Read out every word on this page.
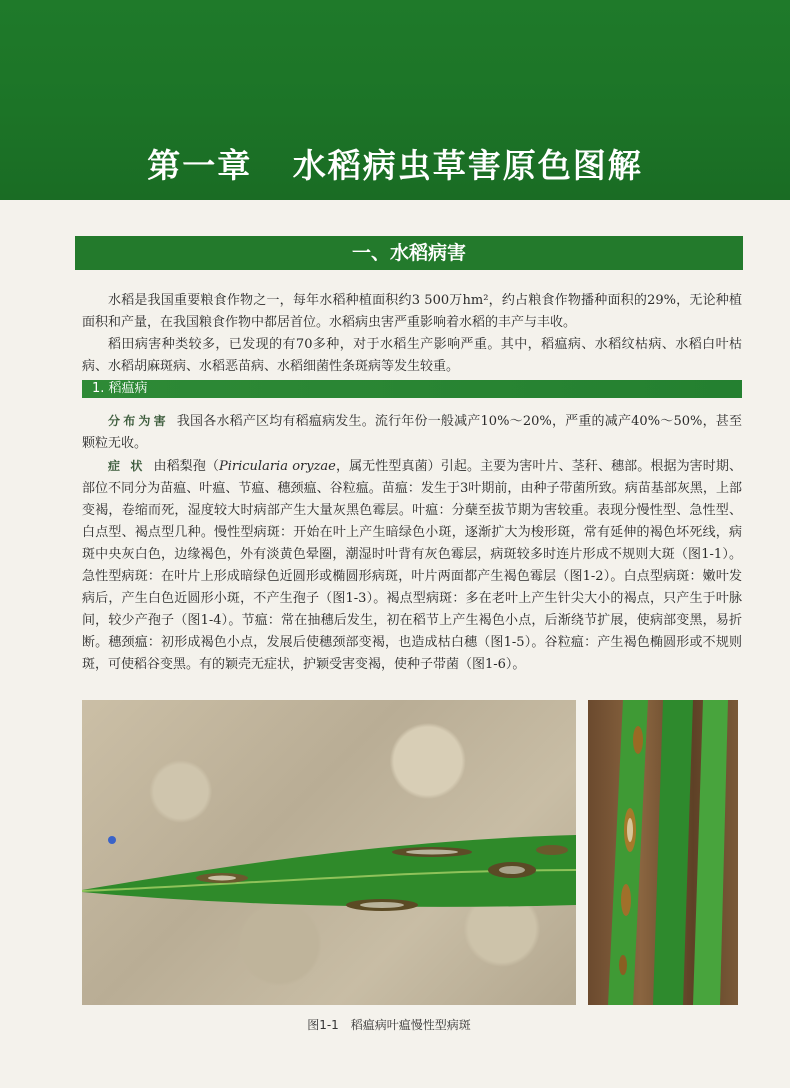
第一章   水稻病虫草害原色图解
一、水稻病害

水稻是我国重要粮食作物之一，每年水稻种植面积约3 500万hm²，约占粮食作物播种面积的29%，无论种植面积和产量，在我国粮食作物中都居首位。水稻病虫害严重影响着水稻的丰产与丰收。

稻田病害种类较多，已发现的有70多种，对于水稻生产影响严重。其中，稻瘟病、水稻纹枯病、水稻白叶枯病、水稻胡麻斑病、水稻恶苗病、水稻细菌性条斑病等发生较重。

1. 稻瘟病

分布为害 我国各水稻产区均有稻瘟病发生。流行年份一般减产10%～20%，严重的减产40%～50%，甚至颗粒无收。

症 状 由稻梨孢（Piricularia oryzae，属无性型真菌）引起。主要为害叶片、茎秆、穗部。根据为害时期、部位不同分为苗瘟、叶瘟、节瘟、穗颈瘟、谷粒瘟。苗瘟：发生于3叶期前，由种子带菌所致。病苗基部灰黑，上部变褐，卷缩而死，湿度较大时病部产生大量灰黑色霉层。叶瘟：分蘖至拔节期为害较重。表现分慢性型、急性型、白点型、褐点型几种。慢性型病斑：开始在叶上产生暗绿色小斑，逐渐扩大为梭形斑，常有延伸的褐色坏死线，病斑中央灰白色，边缘褐色，外有淡黄色晕圈，潮湿时叶背有灰色霉层，病斑较多时连片形成不规则大斑（图1-1）。急性型病斑：在叶片上形成暗绿色近圆形或椭圆形病斑，叶片两面都产生褐色霉层（图1-2）。白点型病斑：嫩叶发病后，产生白色近圆形小斑，不产生孢子（图1-3）。褐点型病斑：多在老叶上产生针尖大小的褐点，只产生于叶脉间，较少产孢子（图1-4）。节瘟：常在抽穗后发生，初在稻节上产生褐色小点，后渐绕节扩展，使病部变黑，易折断。穗颈瘟：初形成褐色小点，发展后使穗颈部变褐，也造成枯白穗（图1-5）。谷粒瘟：产生褐色椭圆形或不规则斑，可使稻谷变黑。有的颖壳无症状，护颖受害变褐，使种子带菌（图1-6）。

图1-1 稻瘟病叶瘟慢性型病斑
